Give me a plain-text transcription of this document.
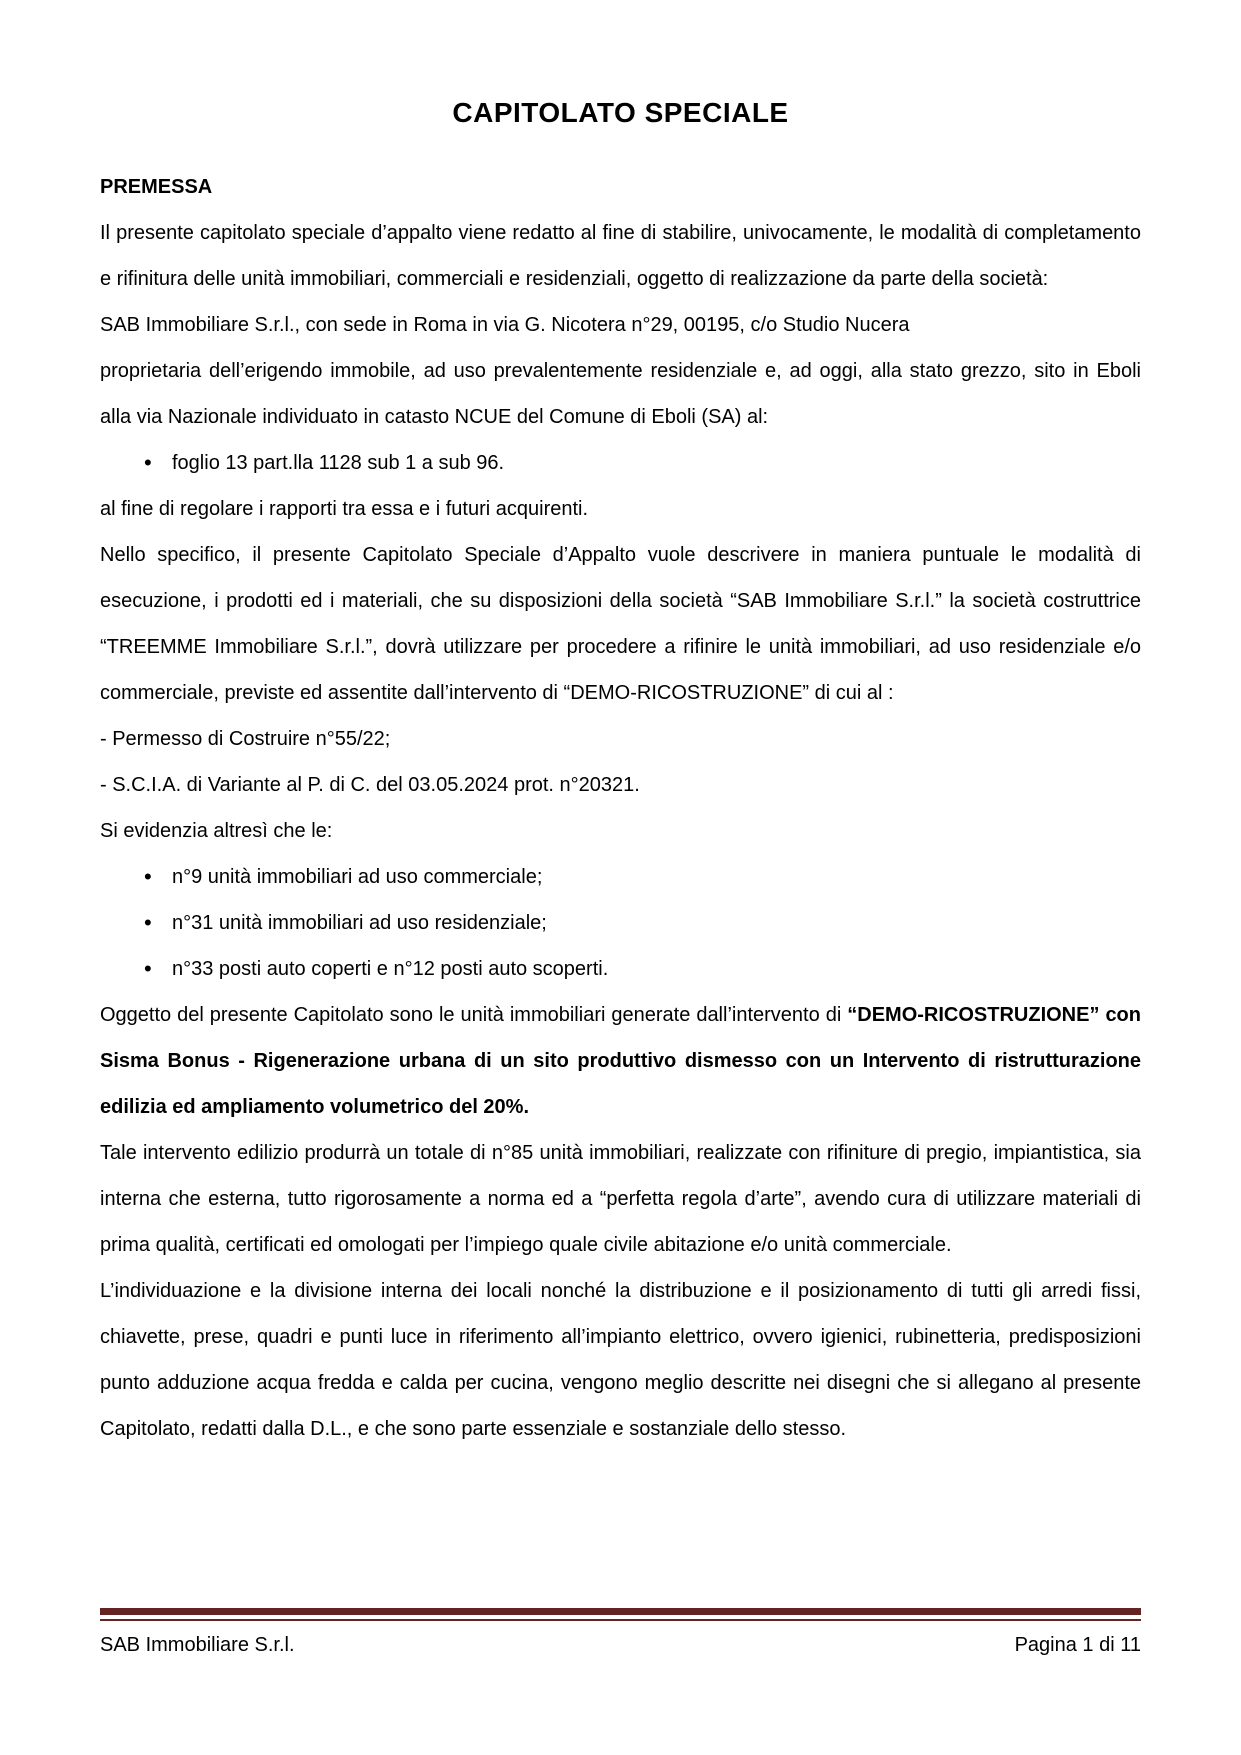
CAPITOLATO SPECIALE
PREMESSA

Il presente capitolato speciale d’appalto viene redatto al fine di stabilire, univocamente, le modalità di completamento e rifinitura delle unità immobiliari, commerciali e residenziali, oggetto di realizzazione da parte della società:

SAB Immobiliare S.r.l., con sede in Roma in via G. Nicotera n°29, 00195, c/o Studio Nucera

proprietaria dell’erigendo immobile, ad uso prevalentemente residenziale e, ad oggi, alla stato grezzo, sito in Eboli alla via Nazionale individuato in catasto NCUE del Comune di Eboli (SA) al:

• foglio 13 part.lla 1128 sub 1 a sub 96.

al fine di regolare i rapporti tra essa e i futuri acquirenti.

Nello specifico, il presente Capitolato Speciale d’Appalto vuole descrivere in maniera puntuale le modalità di esecuzione, i prodotti ed i materiali, che su disposizioni della società “SAB Immobiliare S.r.l.” la società costruttrice “TREEMME Immobiliare S.r.l.”, dovrà utilizzare per procedere a rifinire le unità immobiliari, ad uso residenziale e/o commerciale, previste ed assentite dall’intervento di “DEMO-RICOSTRUZIONE” di cui al :

- Permesso di Costruire n°55/22;

- S.C.I.A. di Variante al P. di C. del 03.05.2024 prot. n°20321.

Si evidenzia altresì che le:

• n°9 unità immobiliari ad uso commerciale;
• n°31 unità immobiliari ad uso residenziale;
• n°33 posti auto coperti e n°12 posti auto scoperti.

Oggetto del presente Capitolato sono le unità immobiliari generate dall’intervento di “DEMO-RICOSTRUZIONE” con Sisma Bonus - Rigenerazione urbana di un sito produttivo dismesso con un Intervento di ristrutturazione edilizia ed ampliamento volumetrico del 20%.

Tale intervento edilizio produrrà un totale di n°85 unità immobiliari, realizzate con rifiniture di pregio, impiantistica, sia interna che esterna, tutto rigorosamente a norma ed a “perfetta regola d’arte”, avendo cura di utilizzare materiali di prima qualità, certificati ed omologati per l’impiego quale civile abitazione e/o unità commerciale.

L’individuazione e la divisione interna dei locali nonché la distribuzione e il posizionamento di tutti gli arredi fissi, chiavette, prese, quadri e punti luce in riferimento all’impianto elettrico, ovvero igienici, rubinetteria, predisposizioni punto adduzione acqua fredda e calda per cucina, vengono meglio descritte nei disegni che si allegano al presente Capitolato, redatti dalla D.L., e che sono parte essenziale e sostanziale dello stesso.

SAB Immobiliare S.r.l.	Pagina 1 di 11
